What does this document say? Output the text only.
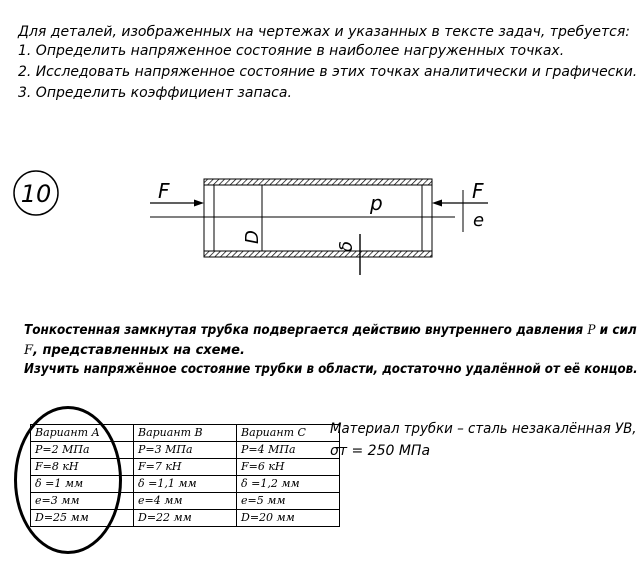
Для деталей, изображенных на чертежах и указанных в тексте задач, требуется:
1. Определить напряженное состояние в наиболее нагруженных точках.
2. Исследовать напряженное состояние в этих точках аналитически и графически.
3. Определить коэффициент запаса.
10	F	F
e
p
D
δ
Тонкостенная замкнутая трубка подвергается действию внутреннего давления P и сил
F, представленных на схеме.
Изучить напряжённое состояние трубки в области, достаточно удалённой от её концов.
Вариант А	Вариант В	Вариант С
P=2 МПа	P=3 МПа	P=4 МПа
F=8 кН	F=7 кН	F=6 кН
δ =1 мм	δ =1,1 мм	δ =1,2 мм
e=3 мм	e=4 мм	e=5 мм
D=25 мм	D=22 мм	D=20 мм
Материал трубки – сталь незакалённая УВ,
σт = 250 МПа
